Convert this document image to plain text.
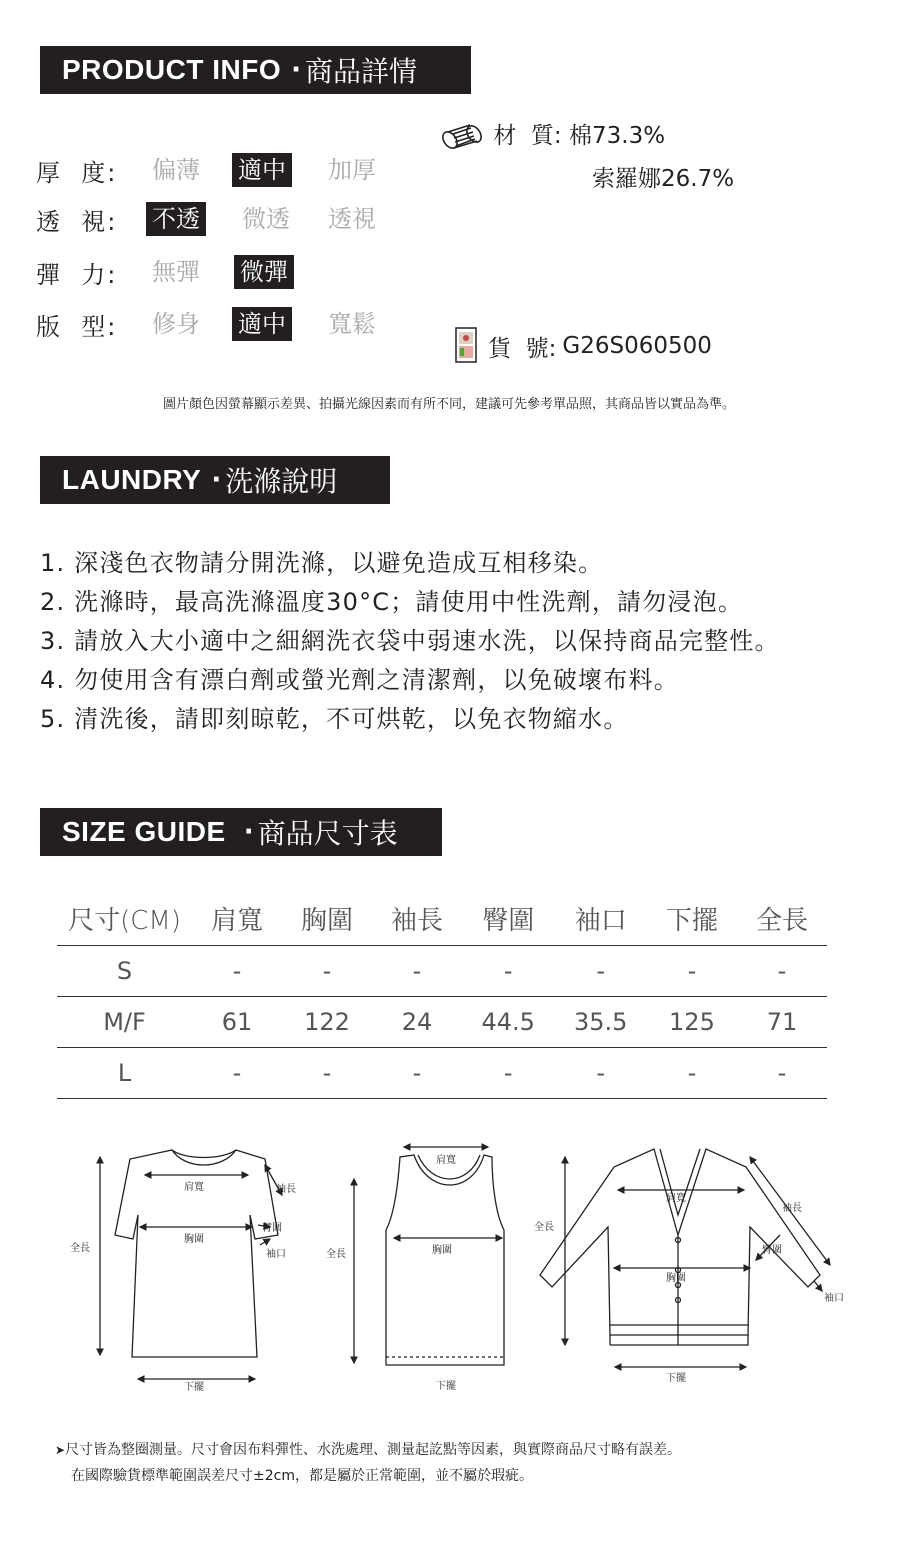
PRODUCT INFO · 商品詳情
厚  度:	偏薄 適中 加厚
透  視:	不透 微透 透視
彈  力:	無彈 微彈
版  型:	修身 適中 寬鬆
材  質: 棉73.3%
索羅娜26.7%
貨  號: G26S060500
圖片顏色因螢幕顯示差異、拍攝光線因素而有所不同，建議可先參考單品照，其商品皆以實品為準。
LAUNDRY · 洗滌說明
1. 深淺色衣物請分開洗滌，以避免造成互相移染。
2. 洗滌時，最高洗滌溫度30°C；請使用中性洗劑，請勿浸泡。
3. 請放入大小適中之細網洗衣袋中弱速水洗，以保持商品完整性。
4. 勿使用含有漂白劑或螢光劑之清潔劑，以免破壞布料。
5. 清洗後，請即刻晾乾，不可烘乾，以免衣物縮水。
SIZE GUIDE · 商品尺寸表
尺寸(CM)	肩寬	胸圍	袖長	臀圍	袖口	下擺	全長
S	-	-	-	-	-	-	-
M/F	61	122	24	44.5	35.5	125	71
L	-	-	-	-	-	-	-
全長
肩寬
胸圍
袖長
臂圍
袖口
下擺
肩寬
全長	胸圍
下擺
全長
肩寬
袖長
臂圍
胸圍
袖口
下擺
➤尺寸皆為整圈測量。尺寸會因布料彈性、水洗處理、測量起訖點等因素，與實際商品尺寸略有誤差。
在國際驗貨標準範圍誤差尺寸±2cm，都是屬於正常範圍，並不屬於瑕疵。
